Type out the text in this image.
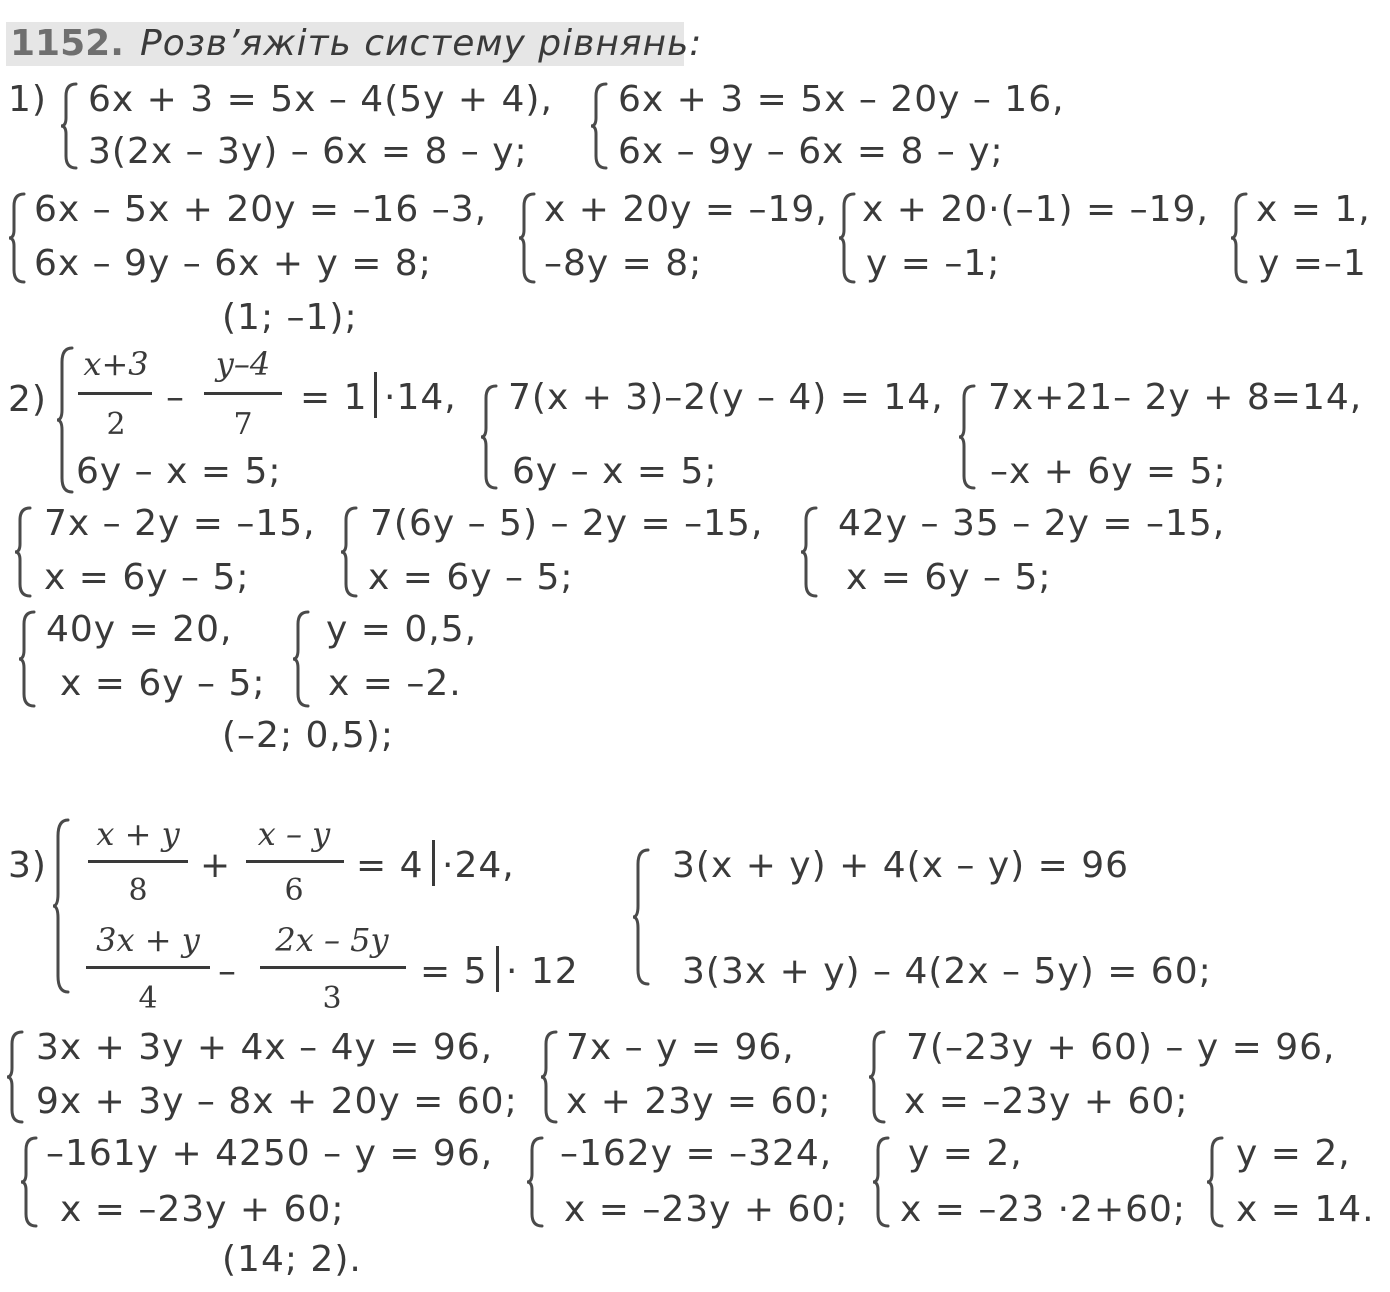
1152. Розв’яжіть систему рівнянь:
1) 6x + 3 = 5x – 4(5y + 4),
3(2x – 3y) – 6x = 8 – y;
6x + 3 = 5x – 20y – 16,
6x – 9y – 6x = 8 – y;
6x – 5x + 20y = –16 –3,
6x – 9y – 6x + y = 8;
x + 20y = –19,
–8y = 8;
x + 20·(–1) = –19,
y = –1;
x = 1,
y =–1
(1; –1);
2)
x+3
2
–
y–4
7
= 1 ·14,
6y – x = 5;
7(x + 3)–2(y – 4) = 14,
6y – x = 5;
7x+21– 2y + 8=14,
–x + 6y = 5;
7x – 2y = –15,
x = 6y – 5;
7(6y – 5) – 2y = –15,
x = 6y – 5;
42y – 35 – 2y = –15,
x = 6y – 5;
40y = 20,
x = 6y – 5;
y = 0,5,
x = –2.
(–2; 0,5);
3)
x + y
8
+
x – y
6
= 4 ·24,
3x + y
4
–
2x – 5y
3
= 5 · 12
3(x + y) + 4(x – y) = 96
3(3x + y) – 4(2x – 5y) = 60;
3x + 3y + 4x – 4y = 96,
9x + 3y – 8x + 20y = 60;
7x – y = 96,
x + 23y = 60;
7(–23y + 60) – y = 96,
x = –23y + 60;
–161y + 4250 – y = 96,
x = –23y + 60;
–162y = –324,
x = –23y + 60;
y = 2,
x = –23 ·2+60;
y = 2,
x = 14.
(14; 2).
